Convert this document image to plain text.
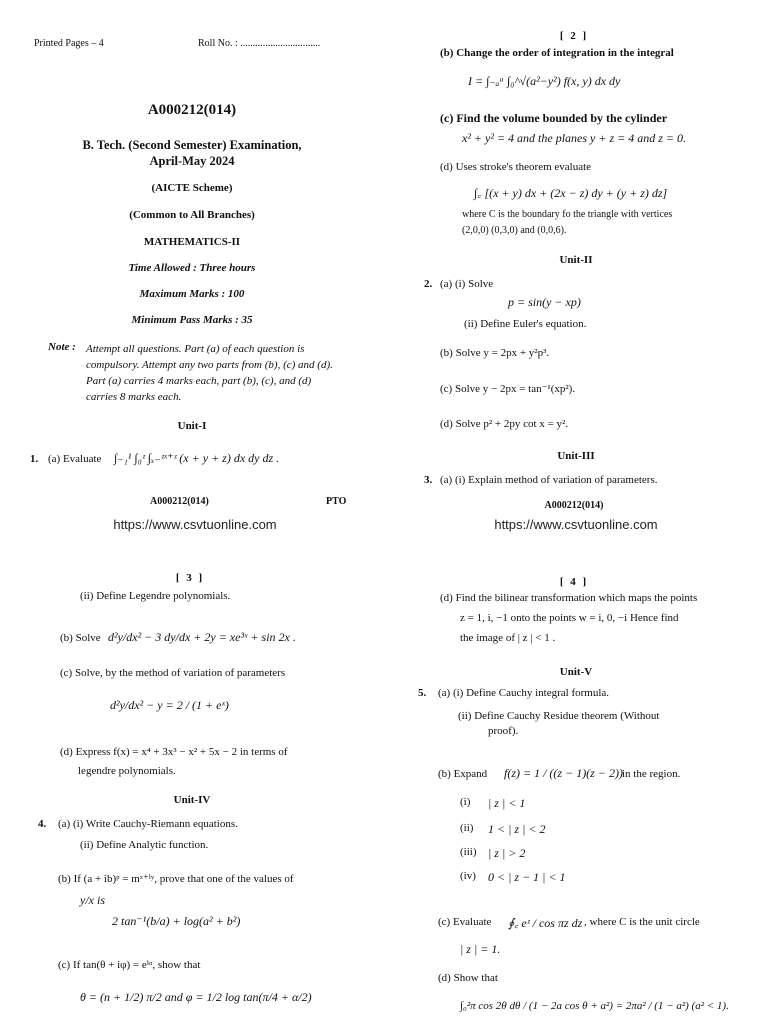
Printed Pages – 4	Roll No. : ................................
A000212(014)
B. Tech. (Second Semester) Examination,
April-May 2024
(AICTE Scheme)
(Common to All Branches)
MATHEMATICS-II
Time Allowed : Three hours
Maximum Marks : 100
Minimum Pass Marks : 35
Note : Attempt all questions. Part (a) of each question is compulsory. Attempt any two parts from (b), (c) and (d). Part (a) carries 4 marks each, part (b), (c), and (d) carries 8 marks each.
Unit-I
1. (a) Evaluate ∫₋₁¹ ∫₀ᶻ ∫ₓ₋ᶻˣ⁺ᶻ (x + y + z) dx dy dz .
A000212(014)	PTO
https://www.csvtuonline.com
[ 2 ]
(b) Change the order of integration in the integral
I = ∫₋ₐᵃ ∫₀^√(a²−y²) f(x, y) dx dy
(c) Find the volume bounded by the cylinder
x² + y² = 4 and the planes y + z = 4 and z = 0.
(d) Uses stroke's theorem evaluate
∫꜀ [(x + y) dx + (2x − z) dy + (y + z) dz]
where C is the boundary fo the triangle with vertices
(2,0,0) (0,3,0) and (0,0,6).
Unit-II
2. (a) (i) Solve
p = sin(y − xp)
(ii) Define Euler's equation.
(b) Solve y = 2px + y²p³.
(c) Solve y − 2px = tan⁻¹(xp²).
(d) Solve p² + 2py cot x = y².
Unit-III
3. (a) (i) Explain method of variation of parameters.
A000212(014)
https://www.csvtuonline.com
[ 3 ]
(ii) Define Legendre polynomials.
(b) Solve d²y/dx² − 3 dy/dx + 2y = xe³ˣ + sin 2x .
(c) Solve, by the method of variation of parameters
d²y/dx² − y = 2 / (1 + eˣ)
(d) Express f(x) = x⁴ + 3x³ − x² + 5x − 2 in terms of
legendre polynomials.
Unit-IV
4. (a) (i) Write Cauchy-Riemann equations.
(ii) Define Analytic function.
(b) If (a + ib)ᵖ = mˣ⁺ⁱʸ, prove that one of the values of
y/x is
2 tan⁻¹(b/a) + log(a² + b²)
(c) If tan(θ + iφ) = eⁱᵅ, show that
θ = (n + 1/2) π/2 and φ = 1/2 log tan(π/4 + α/2)
[ 4 ]
(d) Find the bilinear transformation which maps the points
z = 1, i, −1 onto the points w = i, 0, −i Hence find
the image of | z | < 1 .
Unit-V
5. (a) (i) Define Cauchy integral formula.
(ii) Define Cauchy Residue theorem (Without
proof).
(b) Expand f(z) = 1 / ((z − 1)(z − 2)) in the region.
(i) | z | < 1
(ii) 1 < | z | < 2
(iii) | z | > 2
(iv) 0 < | z − 1 | < 1
(c) Evaluate ∮꜀ eᶻ / cos πz dz , where C is the unit circle
| z | = 1.
(d) Show that
∫₀²π cos 2θ dθ / (1 − 2a cos θ + a²) = 2πa² / (1 − a²) (a² < 1).
